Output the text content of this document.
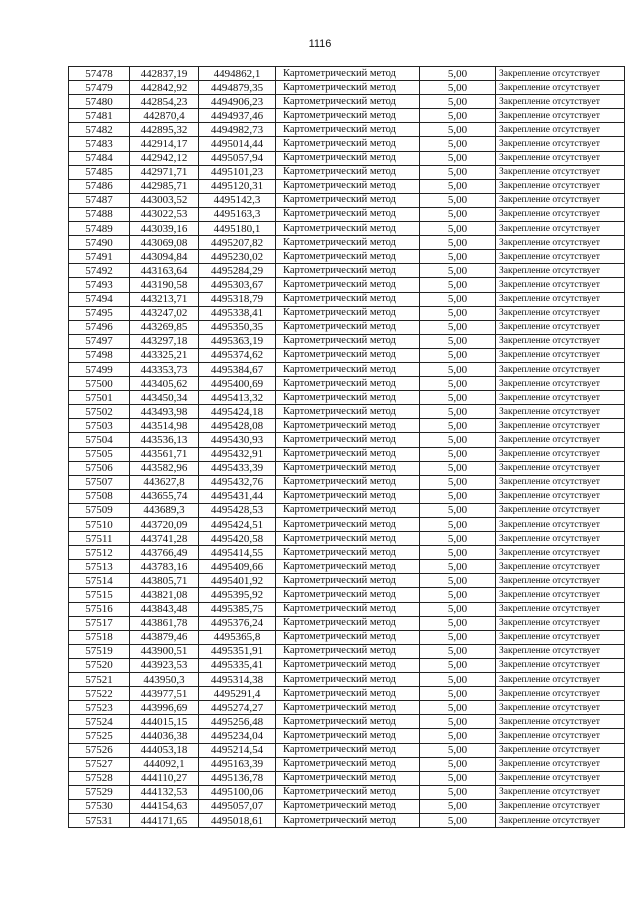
1116
57478	442837,19	4494862,1	Картометрический метод	5,00	Закрепление отсутствует
57479	442842,92	4494879,35	Картометрический метод	5,00	Закрепление отсутствует
57480	442854,23	4494906,23	Картометрический метод	5,00	Закрепление отсутствует
57481	442870,4	4494937,46	Картометрический метод	5,00	Закрепление отсутствует
57482	442895,32	4494982,73	Картометрический метод	5,00	Закрепление отсутствует
57483	442914,17	4495014,44	Картометрический метод	5,00	Закрепление отсутствует
57484	442942,12	4495057,94	Картометрический метод	5,00	Закрепление отсутствует
57485	442971,71	4495101,23	Картометрический метод	5,00	Закрепление отсутствует
57486	442985,71	4495120,31	Картометрический метод	5,00	Закрепление отсутствует
57487	443003,52	4495142,3	Картометрический метод	5,00	Закрепление отсутствует
57488	443022,53	4495163,3	Картометрический метод	5,00	Закрепление отсутствует
57489	443039,16	4495180,1	Картометрический метод	5,00	Закрепление отсутствует
57490	443069,08	4495207,82	Картометрический метод	5,00	Закрепление отсутствует
57491	443094,84	4495230,02	Картометрический метод	5,00	Закрепление отсутствует
57492	443163,64	4495284,29	Картометрический метод	5,00	Закрепление отсутствует
57493	443190,58	4495303,67	Картометрический метод	5,00	Закрепление отсутствует
57494	443213,71	4495318,79	Картометрический метод	5,00	Закрепление отсутствует
57495	443247,02	4495338,41	Картометрический метод	5,00	Закрепление отсутствует
57496	443269,85	4495350,35	Картометрический метод	5,00	Закрепление отсутствует
57497	443297,18	4495363,19	Картометрический метод	5,00	Закрепление отсутствует
57498	443325,21	4495374,62	Картометрический метод	5,00	Закрепление отсутствует
57499	443353,73	4495384,67	Картометрический метод	5,00	Закрепление отсутствует
57500	443405,62	4495400,69	Картометрический метод	5,00	Закрепление отсутствует
57501	443450,34	4495413,32	Картометрический метод	5,00	Закрепление отсутствует
57502	443493,98	4495424,18	Картометрический метод	5,00	Закрепление отсутствует
57503	443514,98	4495428,08	Картометрический метод	5,00	Закрепление отсутствует
57504	443536,13	4495430,93	Картометрический метод	5,00	Закрепление отсутствует
57505	443561,71	4495432,91	Картометрический метод	5,00	Закрепление отсутствует
57506	443582,96	4495433,39	Картометрический метод	5,00	Закрепление отсутствует
57507	443627,8	4495432,76	Картометрический метод	5,00	Закрепление отсутствует
57508	443655,74	4495431,44	Картометрический метод	5,00	Закрепление отсутствует
57509	443689,3	4495428,53	Картометрический метод	5,00	Закрепление отсутствует
57510	443720,09	4495424,51	Картометрический метод	5,00	Закрепление отсутствует
57511	443741,28	4495420,58	Картометрический метод	5,00	Закрепление отсутствует
57512	443766,49	4495414,55	Картометрический метод	5,00	Закрепление отсутствует
57513	443783,16	4495409,66	Картометрический метод	5,00	Закрепление отсутствует
57514	443805,71	4495401,92	Картометрический метод	5,00	Закрепление отсутствует
57515	443821,08	4495395,92	Картометрический метод	5,00	Закрепление отсутствует
57516	443843,48	4495385,75	Картометрический метод	5,00	Закрепление отсутствует
57517	443861,78	4495376,24	Картометрический метод	5,00	Закрепление отсутствует
57518	443879,46	4495365,8	Картометрический метод	5,00	Закрепление отсутствует
57519	443900,51	4495351,91	Картометрический метод	5,00	Закрепление отсутствует
57520	443923,53	4495335,41	Картометрический метод	5,00	Закрепление отсутствует
57521	443950,3	4495314,38	Картометрический метод	5,00	Закрепление отсутствует
57522	443977,51	4495291,4	Картометрический метод	5,00	Закрепление отсутствует
57523	443996,69	4495274,27	Картометрический метод	5,00	Закрепление отсутствует
57524	444015,15	4495256,48	Картометрический метод	5,00	Закрепление отсутствует
57525	444036,38	4495234,04	Картометрический метод	5,00	Закрепление отсутствует
57526	444053,18	4495214,54	Картометрический метод	5,00	Закрепление отсутствует
57527	444092,1	4495163,39	Картометрический метод	5,00	Закрепление отсутствует
57528	444110,27	4495136,78	Картометрический метод	5,00	Закрепление отсутствует
57529	444132,53	4495100,06	Картометрический метод	5,00	Закрепление отсутствует
57530	444154,63	4495057,07	Картометрический метод	5,00	Закрепление отсутствует
57531	444171,65	4495018,61	Картометрический метод	5,00	Закрепление отсутствует
